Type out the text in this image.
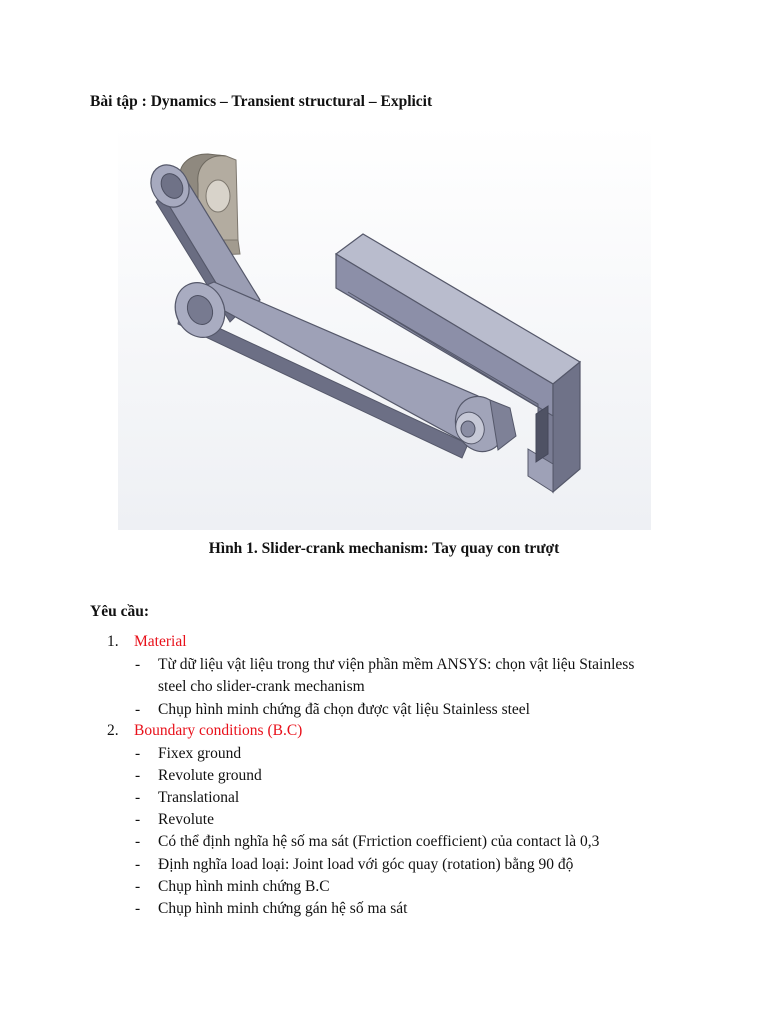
Bài tập : Dynamics – Transient structural – Explicit
Hình 1. Slider-crank mechanism: Tay quay con trượt
Yêu cầu:
1. Material
- Từ dữ liệu vật liệu trong thư viện phần mềm ANSYS: chọn vật liệu Stainless
steel cho slider-crank mechanism
- Chụp hình minh chứng đã chọn được vật liệu Stainless steel
2. Boundary conditions (B.C)
- Fixex ground
- Revolute ground
- Translational
- Revolute
- Có thể định nghĩa hệ số ma sát (Frriction coefficient) của contact là 0,3
- Định nghĩa load loại: Joint load với góc quay (rotation) bằng 90 độ
- Chụp hình minh chứng B.C
- Chụp hình minh chứng gán hệ số ma sát
